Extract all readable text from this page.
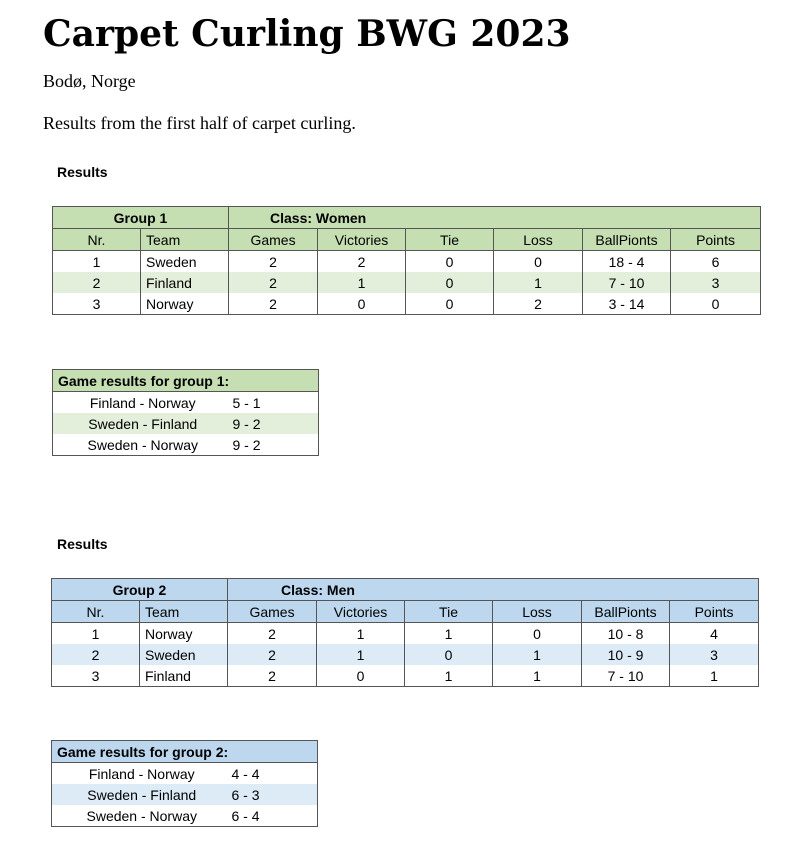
Carpet Curling BWG 2023

Bodø, Norge

Results from the first half of carpet curling.

Results
Group 1		Class: Women					
Nr.	Team	Games	Victories	Tie	Loss	BallPionts	Points
1	Sweden	2	2	0	0	18 - 4	6
2	Finland	2	1	0	1	7 - 10	3
3	Norway	2	0	0	2	3 - 14	0
Game results for group 1:	
Finland - Norway	5 - 1
Sweden - Finland	9 - 2
Sweden - Norway	9 - 2
Results
Group 2		Class: Men					
Nr.	Team	Games	Victories	Tie	Loss	BallPionts	Points
1	Norway	2	1	1	0	10 - 8	4
2	Sweden	2	1	0	1	10 - 9	3
3	Finland	2	0	1	1	7 - 10	1
Game results for group 2:	
Finland - Norway	4 - 4
Sweden - Finland	6 - 3
Sweden - Norway	6 - 4
